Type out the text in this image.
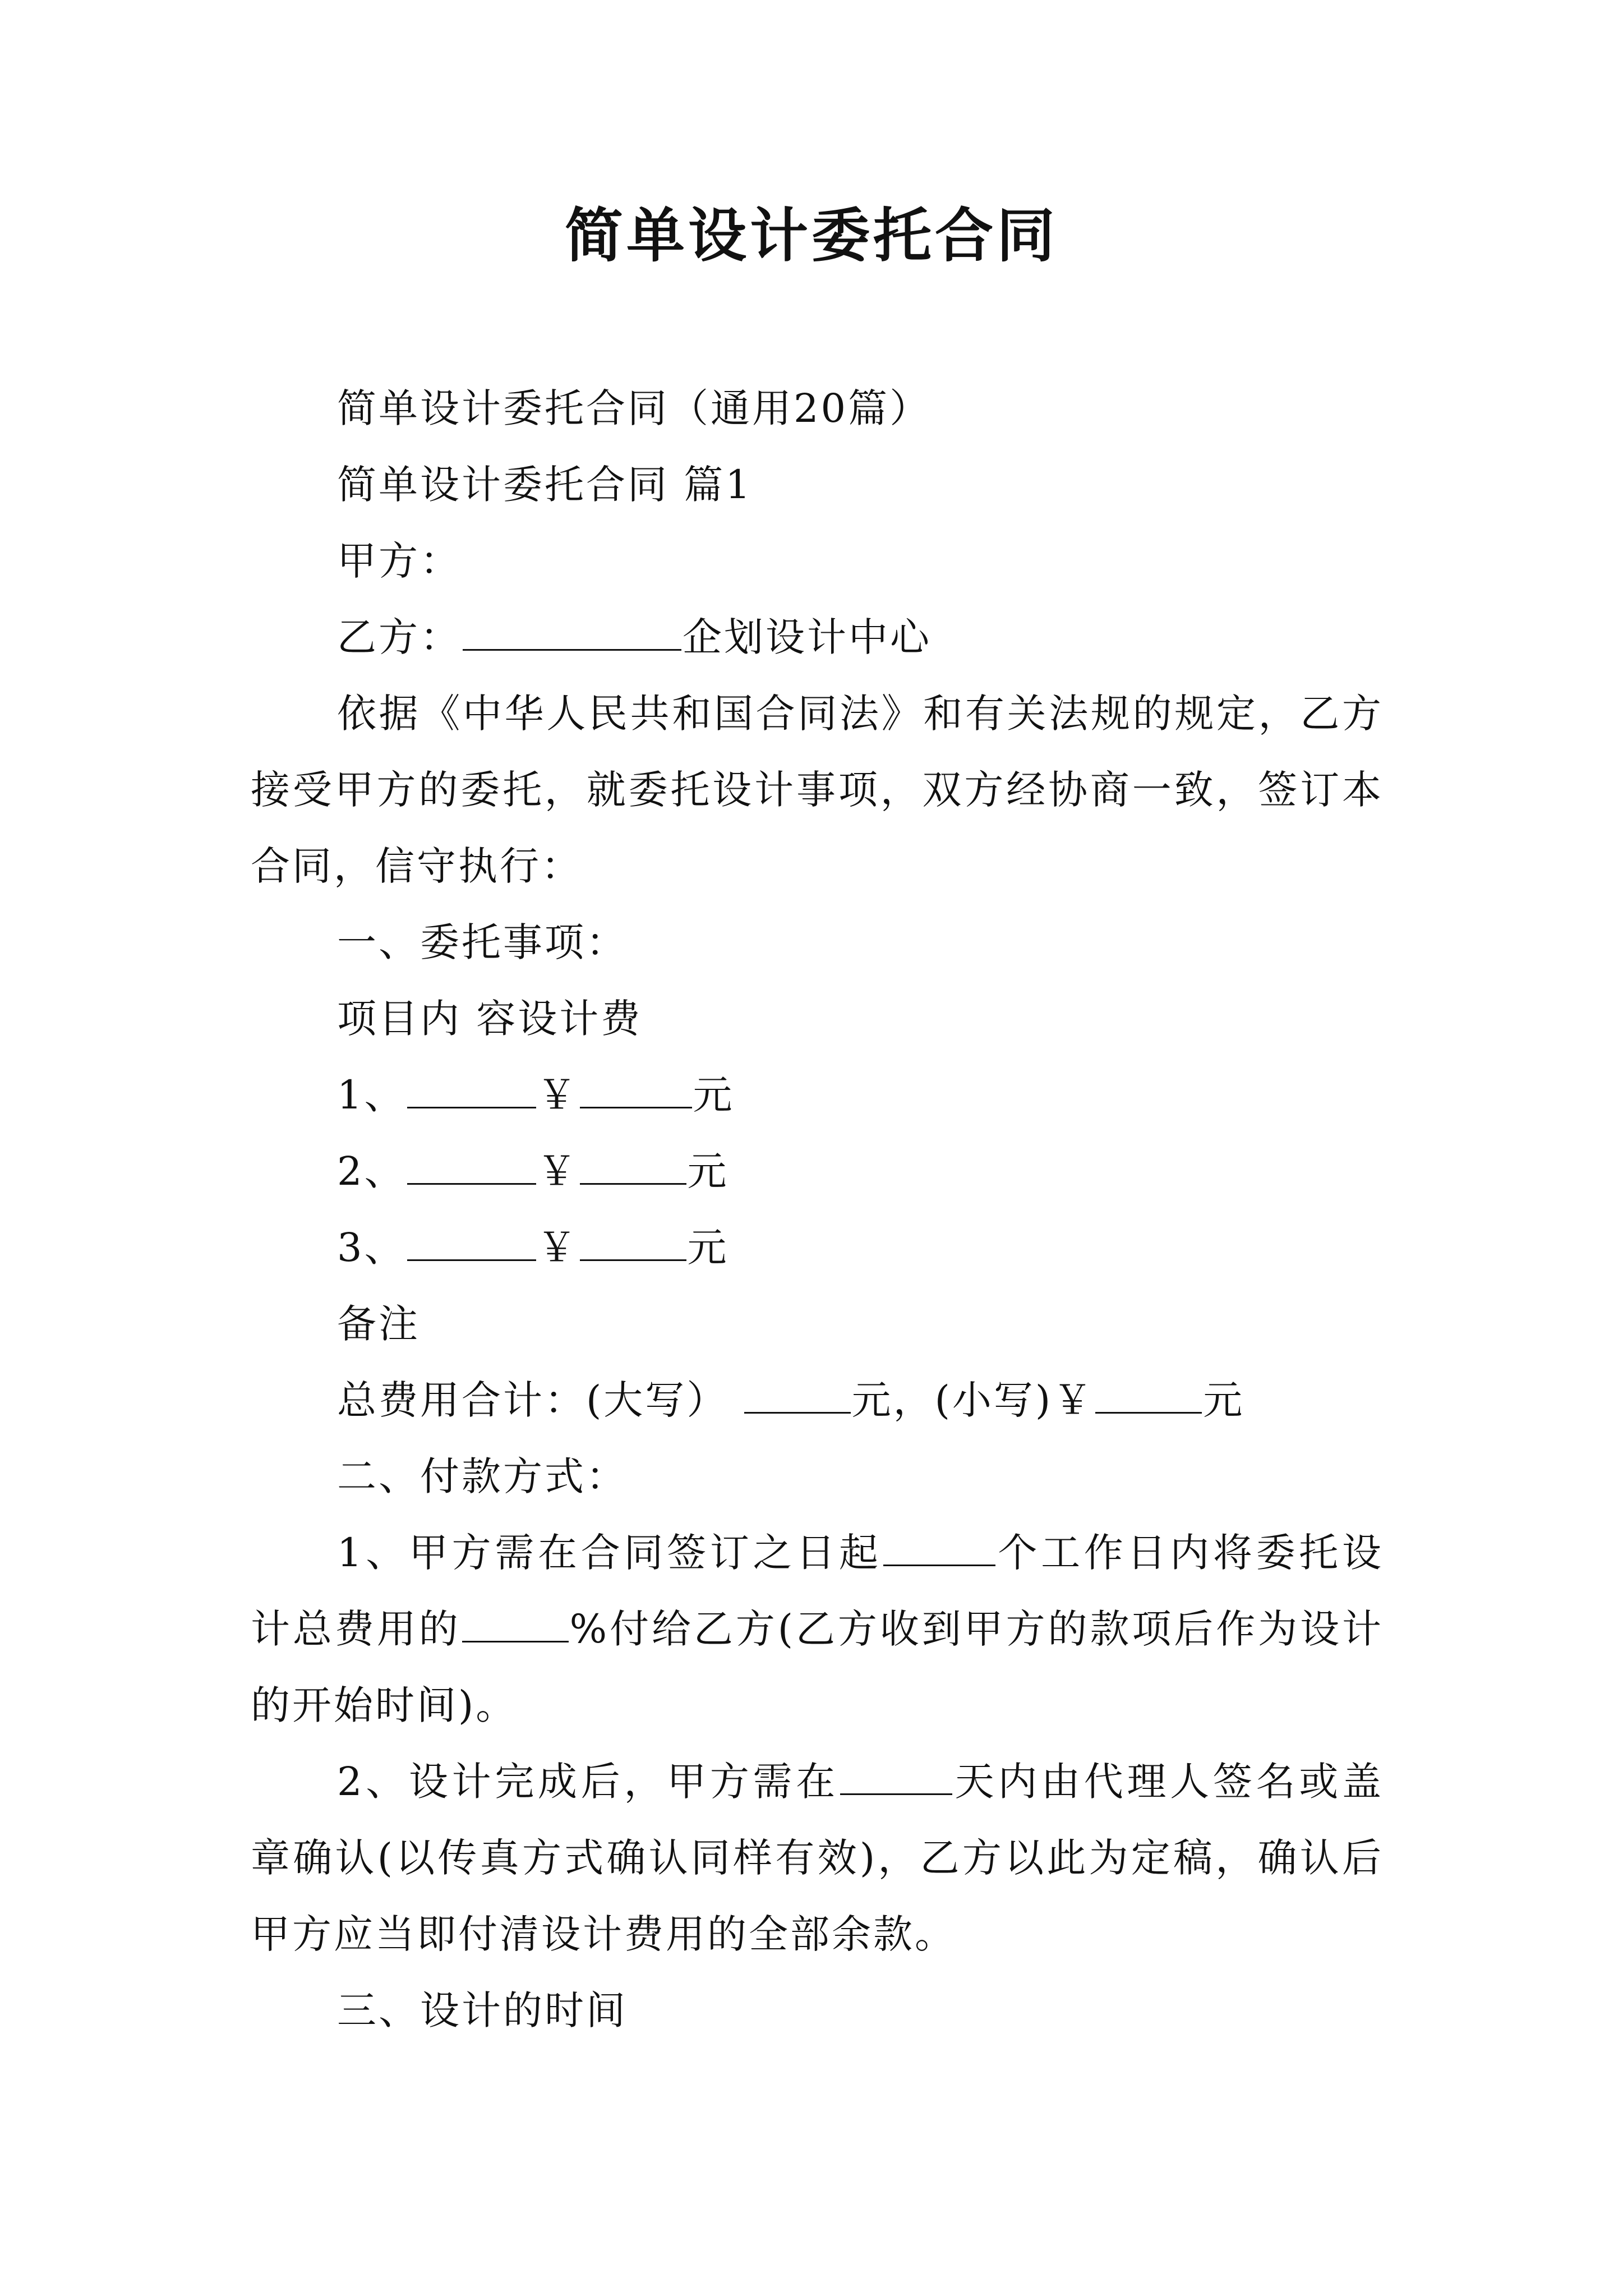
简单设计委托合同

简单设计委托合同（通用20篇）

简单设计委托合同 篇1

甲方：

乙方：	企划设计中心

依据《中华人民共和国合同法》和有关法规的规定，乙方接受甲方的委托，就委托设计事项，双方经协商一致，签订本合同，信守执行：

一、委托事项：

项目内 容设计费

1、	￥	元

2、	￥	元

3、	￥	元

备注

总费用合计：(大写）	元，(小写)￥	元

二、付款方式：

1、甲方需在合同签订之日起	个工作日内将委托设计总费用的	%付给乙方(乙方收到甲方的款项后作为设计的开始时间)。

2、设计完成后，甲方需在	天内由代理人签名或盖章确认(以传真方式确认同样有效)，乙方以此为定稿，确认后甲方应当即付清设计费用的全部余款。

三、设计的时间
